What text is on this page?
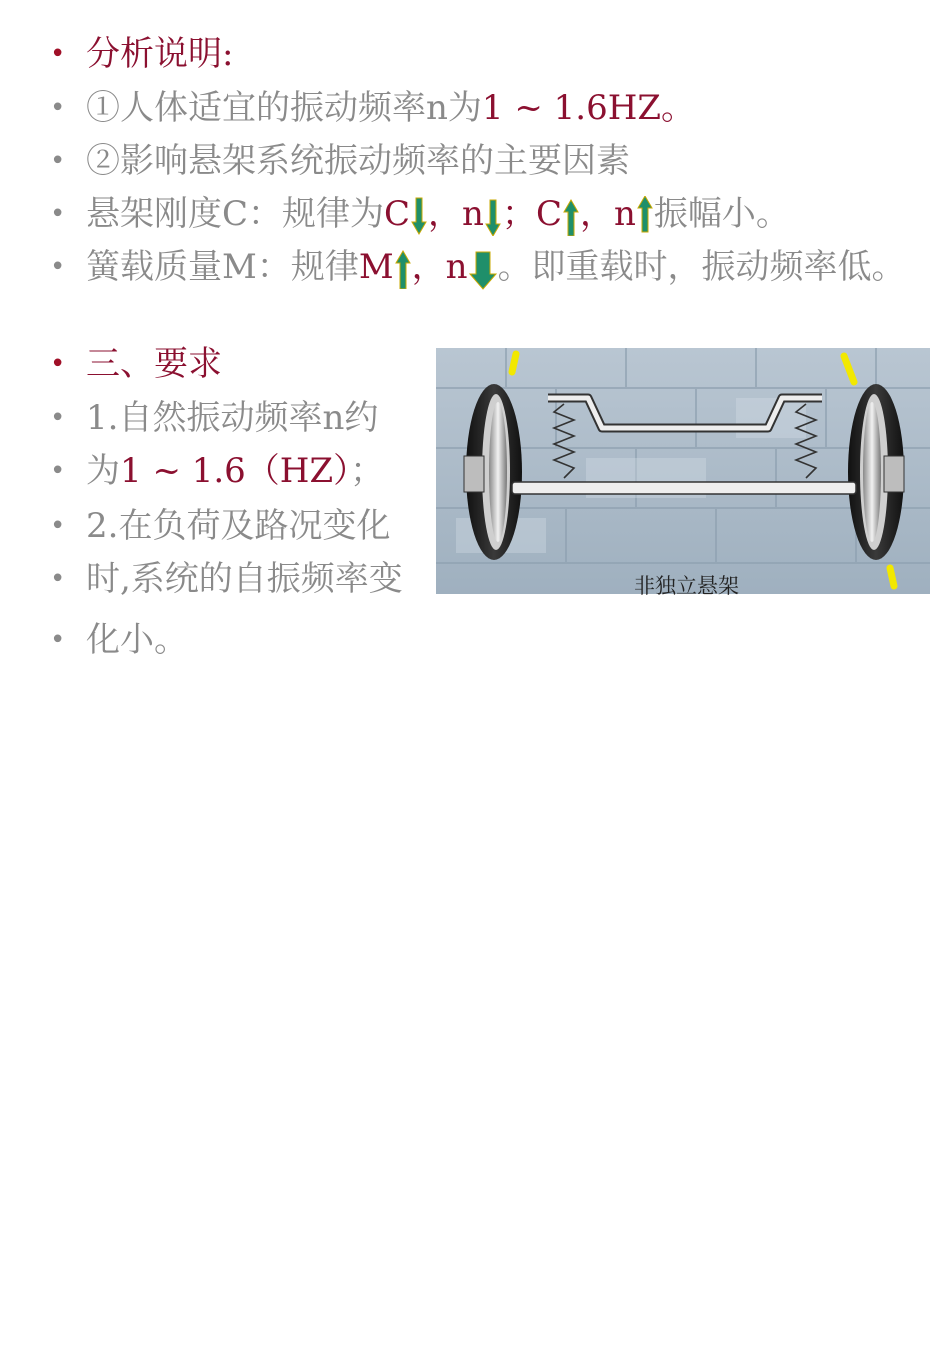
• 分析说明:
• ①人体适宜的振动频率n为1 ~ 1.6HZ。
• ②影响悬架系统振动频率的主要因素
• 悬架刚度C：规律为C ，n ；C ，n 振幅小。
• 簧载质量M：规律M ，n 。即重载时，振动频率低。
• 三、要求
• 1.自然振动频率n约
• 为1 ~ 1.6（HZ）；
• 2.在负荷及路况变化
• 时,系统的自振频率变
• 化小。
非独立悬架
